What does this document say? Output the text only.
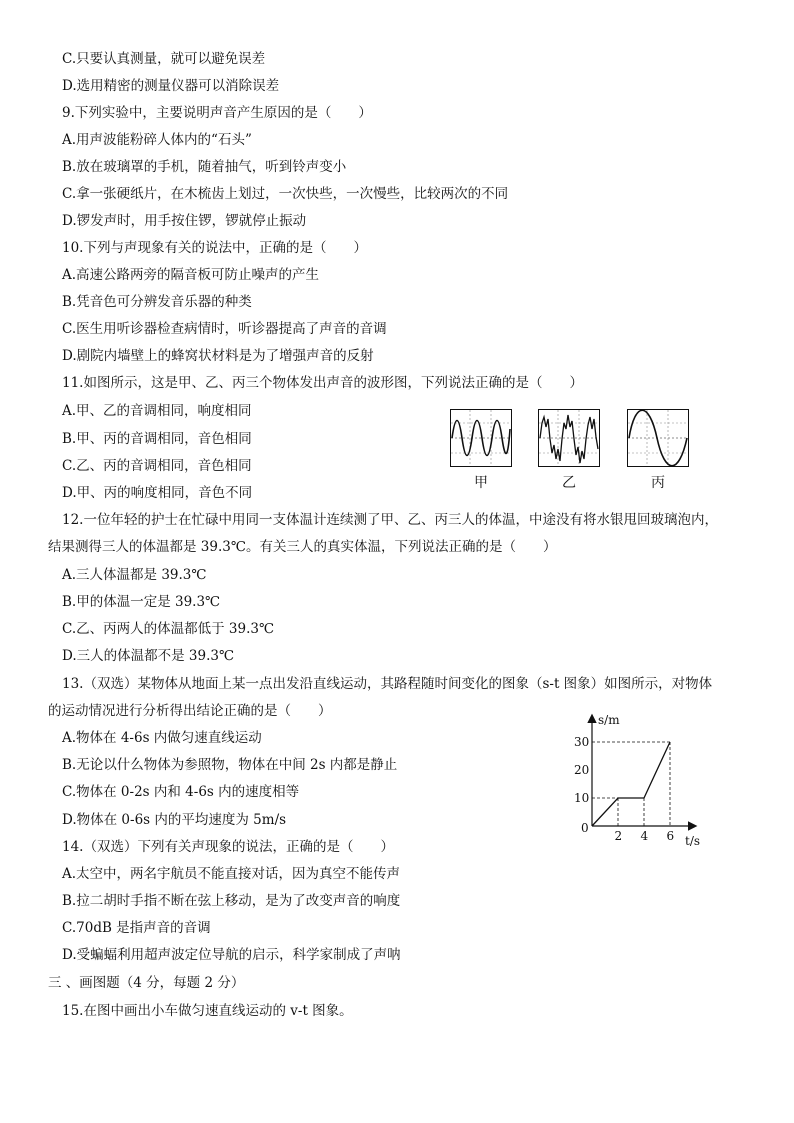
C.只要认真测量，就可以避免误差
D.选用精密的测量仪器可以消除误差
9.下列实验中，主要说明声音产生原因的是（　　）
A.用声波能粉碎人体内的“石头”
B.放在玻璃罩的手机，随着抽气，听到铃声变小
C.拿一张硬纸片，在木梳齿上划过，一次快些，一次慢些，比较两次的不同
D.锣发声时，用手按住锣，锣就停止振动
10.下列与声现象有关的说法中，正确的是（　　）
A.高速公路两旁的隔音板可防止噪声的产生
B.凭音色可分辨发音乐器的种类
C.医生用听诊器检查病情时，听诊器提高了声音的音调
D.剧院内墙壁上的蜂窝状材料是为了增强声音的反射
11.如图所示，这是甲、乙、丙三个物体发出声音的波形图，下列说法正确的是（　　）
A.甲、乙的音调相同，响度相同
B.甲、丙的音调相同，音色相同
C.乙、丙的音调相同，音色相同
D.甲、丙的响度相同，音色不同
甲	乙	丙
12.一位年轻的护士在忙碌中用同一支体温计连续测了甲、乙、丙三人的体温，中途没有将水银甩回玻璃泡内，
结果测得三人的体温都是 39.3℃。有关三人的真实体温，下列说法正确的是（　　）
A.三人体温都是 39.3℃
B.甲的体温一定是 39.3℃
C.乙、丙两人的体温都低于 39.3℃
D.三人的体温都不是 39.3℃
13.（双选）某物体从地面上某一点出发沿直线运动，其路程随时间变化的图象（s-t 图象）如图所示，对物体
的运动情况进行分析得出结论正确的是（　　）
A.物体在 4-6s 内做匀速直线运动
B.无论以什么物体为参照物，物体在中间 2s 内都是静止
C.物体在 0-2s 内和 4-6s 内的速度相等
D.物体在 0-6s 内的平均速度为 5m/s
s/m
t/s
0
2 4 6
10
20
30
14.（双选）下列有关声现象的说法，正确的是（　　）
A.太空中，两名宇航员不能直接对话，因为真空不能传声
B.拉二胡时手指不断在弦上移动，是为了改变声音的响度
C.70dB 是指声音的音调
D.受蝙蝠利用超声波定位导航的启示，科学家制成了声呐
三 、画图题（4 分，每题 2 分）
15.在图中画出小车做匀速直线运动的 v-t 图象。
